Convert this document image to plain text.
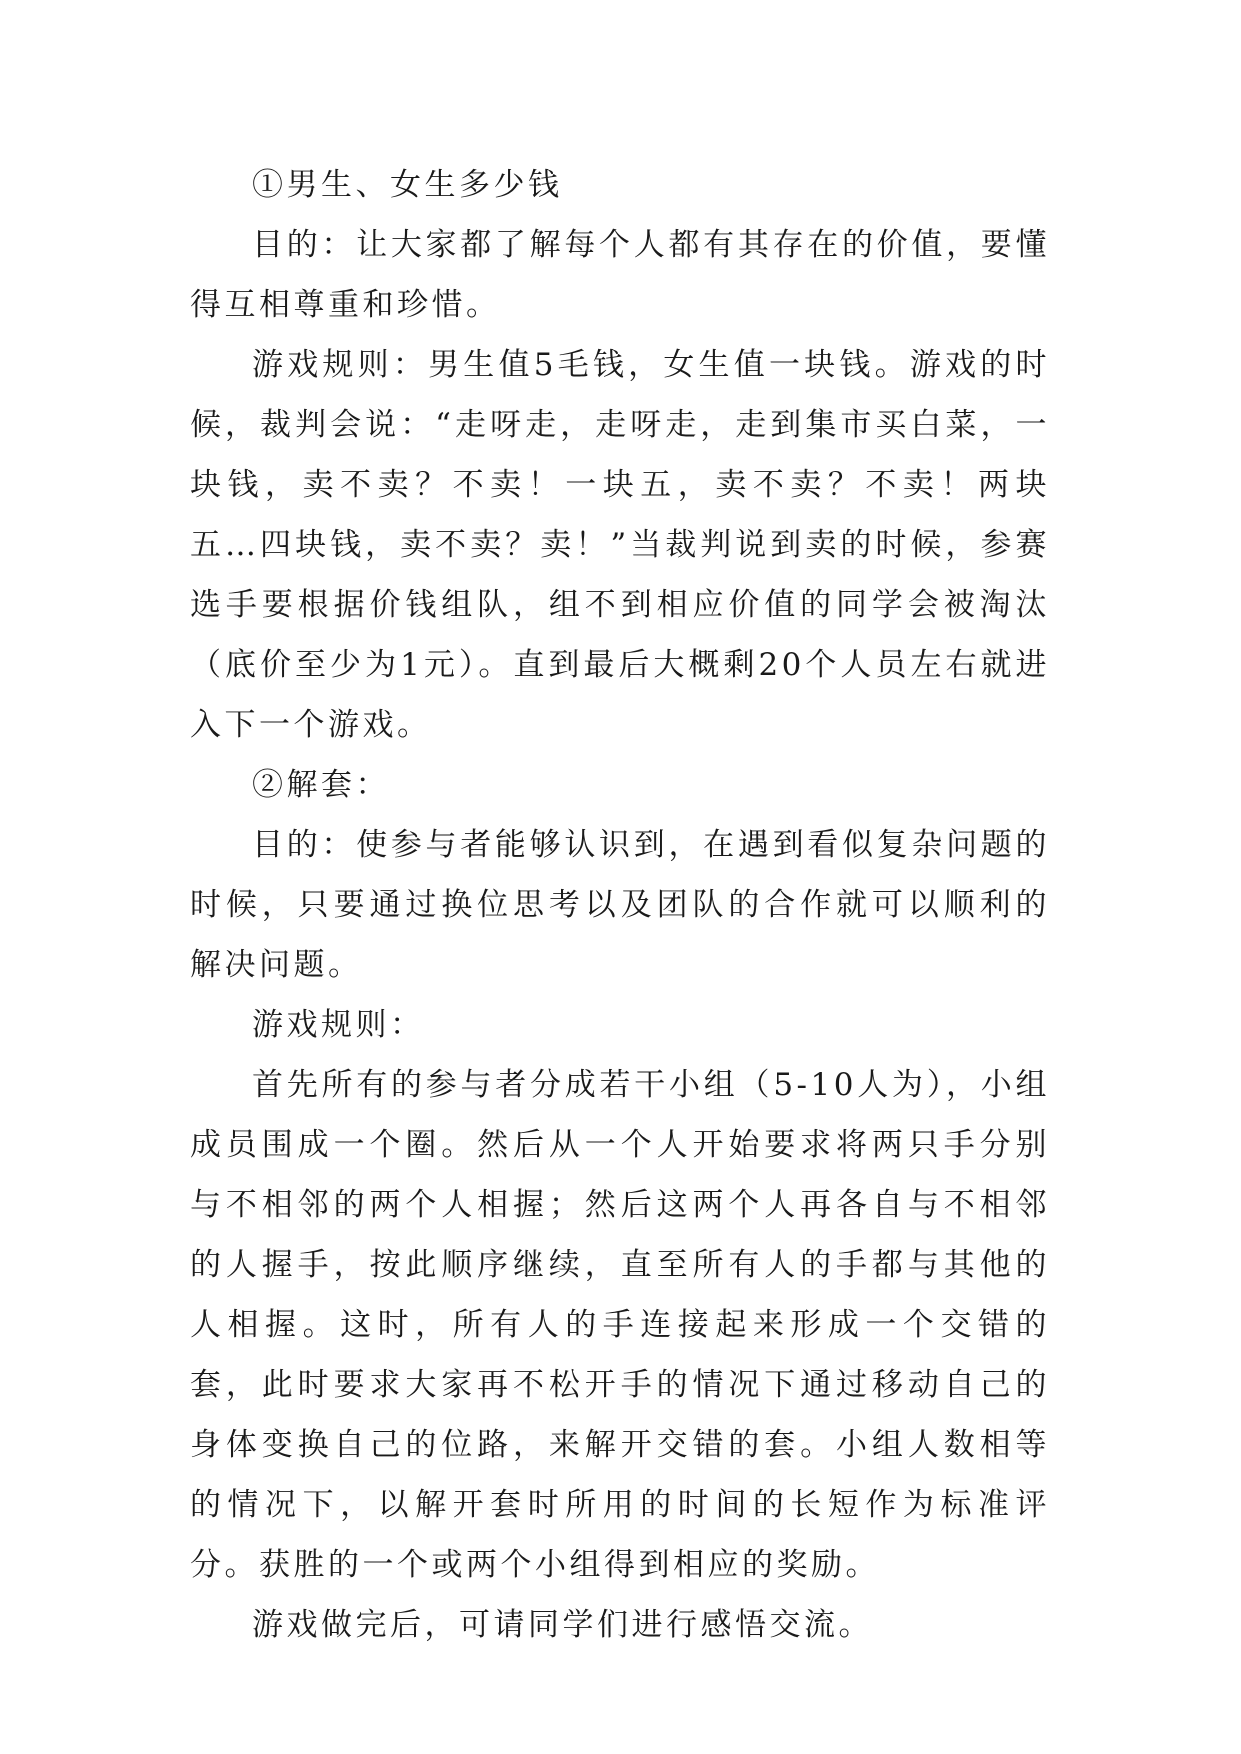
①男生、女生多少钱

目的：让大家都了解每个人都有其存在的价值，要懂得互相尊重和珍惜。

游戏规则：男生值5毛钱，女生值一块钱。游戏的时候，裁判会说：“走呀走，走呀走，走到集市买白菜，一块钱，卖不卖？不卖！一块五，卖不卖？不卖！两块五…四块钱，卖不卖？卖！”当裁判说到卖的时候，参赛选手要根据价钱组队，组不到相应价值的同学会被淘汰（底价至少为1元）。直到最后大概剩20个人员左右就进入下一个游戏。

②解套：

目的：使参与者能够认识到，在遇到看似复杂问题的时候，只要通过换位思考以及团队的合作就可以顺利的解决问题。

游戏规则：

首先所有的参与者分成若干小组（5-10人为），小组成员围成一个圈。然后从一个人开始要求将两只手分别与不相邻的两个人相握；然后这两个人再各自与不相邻的人握手，按此顺序继续，直至所有人的手都与其他的人相握。这时，所有人的手连接起来形成一个交错的套，此时要求大家再不松开手的情况下通过移动自己的身体变换自己的位路，来解开交错的套。小组人数相等的情况下，以解开套时所用的时间的长短作为标准评分。获胜的一个或两个小组得到相应的奖励。

游戏做完后，可请同学们进行感悟交流。
